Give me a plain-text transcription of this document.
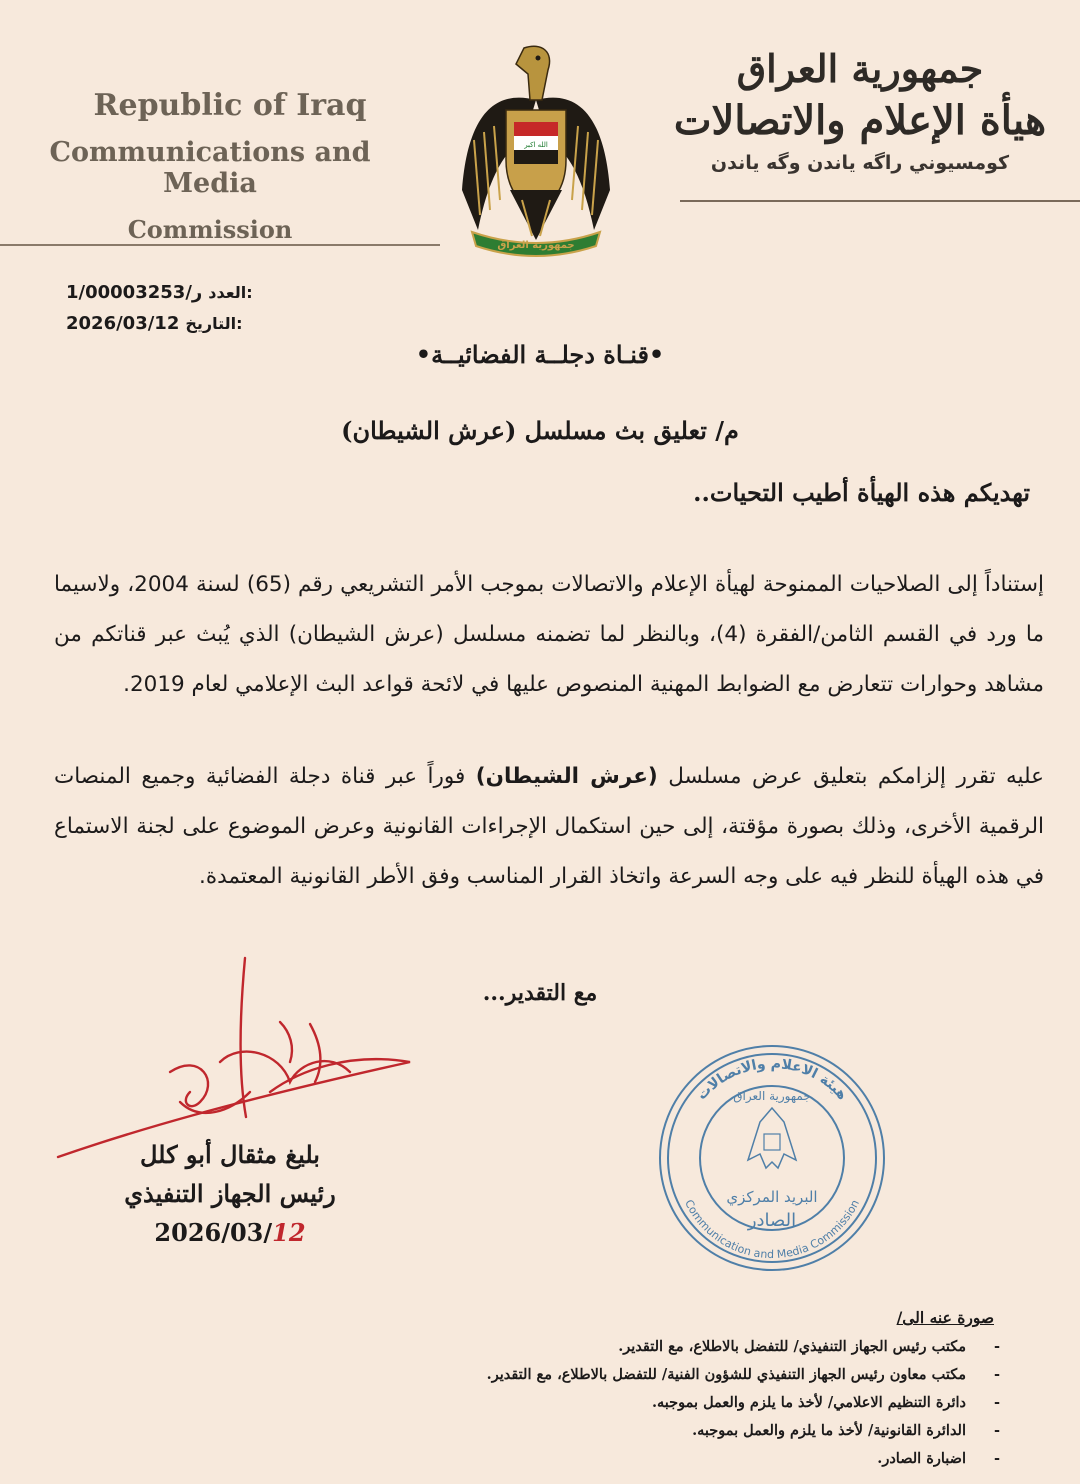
Republic of Iraq
Communications and Media
Commission
الله اكبر
جمهورية العراق
جمهورية العراق
هيأة الإعلام والاتصالات
كومسيوني راگه ياندن وگه ياندن
1/ر/00003253 العدد:
2026/03/12 التاريخ:
•قنـاة دجلــة الفضائيــة•
م/ تعليق بث مسلسل (عرش الشيطان)
تهديكم هذه الهيأة أطيب التحيات..
إستناداً إلى الصلاحيات الممنوحة لهيأة الإعلام والاتصالات بموجب الأمر التشريعي رقم (65) لسنة 2004، ولاسيما ما ورد في القسم الثامن/الفقرة (4)، وبالنظر لما تضمنه مسلسل (عرش الشيطان) الذي يُبث عبر قناتكم من مشاهد وحوارات تتعارض مع الضوابط المهنية المنصوص عليها في لائحة قواعد البث الإعلامي لعام 2019.
عليه تقرر إلزامكم بتعليق عرض مسلسل (عرش الشيطان) فوراً عبر قناة دجلة الفضائية وجميع المنصات الرقمية الأخرى، وذلك بصورة مؤقتة، إلى حين استكمال الإجراءات القانونية وعرض الموضوع على لجنة الاستماع في هذه الهيأة للنظر فيه على وجه السرعة واتخاذ القرار المناسب وفق الأطر القانونية المعتمدة.
مع التقدير...
بليغ مثقال أبو كلل
رئيس الجهاز التنفيذي
2026/03/12
هيئة الاعلام والاتصالات
Communication and Media Commission
جمهورية العراق
البريد المركزي
الصادر
صورة عنه الى/
- مكتب رئيس الجهاز التنفيذي/ للتفضل بالاطلاع، مع التقدير.
- مكتب معاون رئيس الجهاز التنفيذي للشؤون الفنية/ للتفضل بالاطلاع، مع التقدير.
- دائرة التنظيم الاعلامي/ لأخذ ما يلزم والعمل بموجبه.
- الدائرة القانونية/ لأخذ ما يلزم والعمل بموجبه.
- اضبارة الصادر.
